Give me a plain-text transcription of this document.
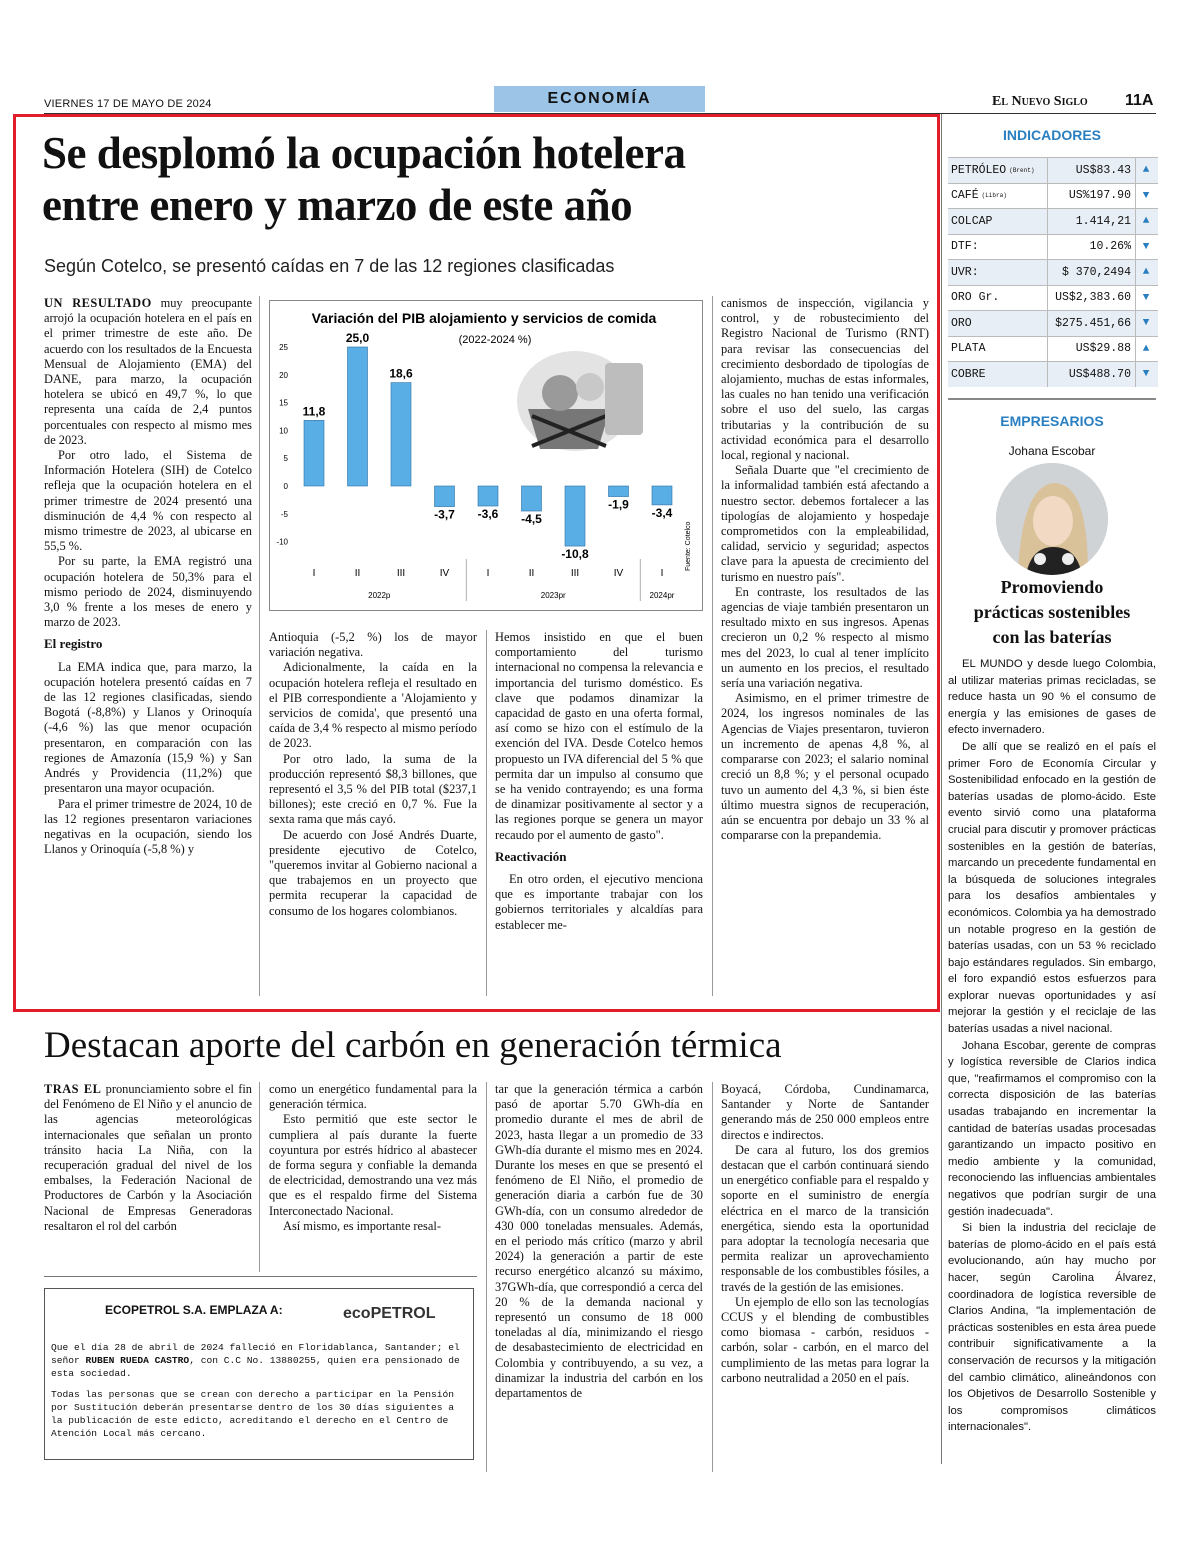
VIERNES 17 DE MAYO DE 2024	ECONOMÍA	El Nuevo Siglo 11A
Se desplomó la ocupación hotelera
entre enero y marzo de este año
Según Cotelco, se presentó caídas en 7 de las 12 regiones clasificadas

UN RESULTADO muy preocupante arrojó la ocupación hotelera en el país en el primer trimestre de este año. De acuerdo con los resultados de la Encuesta Mensual de Alojamiento (EMA) del DANE, para marzo, la ocupación hotelera se ubicó en 49,7 %, lo que representa una caída de 2,4 puntos porcentuales con respecto al mismo mes de 2023.

Por otro lado, el Sistema de Información Hotelera (SIH) de Cotelco refleja que la ocupación hotelera en el primer trimestre de 2024 presentó una disminución de 4,4 % con respecto al mismo trimestre de 2023, al ubicarse en 55,5 %.

Por su parte, la EMA registró una ocupación hotelera de 50,3% para el mismo periodo de 2024, disminuyendo 3,0 % frente a los meses de enero y marzo de 2023.

El registro

La EMA indica que, para marzo, la ocupación hotelera presentó caídas en 7 de las 12 regiones clasificadas, siendo Bogotá (-8,8%) y Llanos y Orinoquía (-4,6 %) las que menor ocupación presentaron, en comparación con las regiones de Amazonía (15,9 %) y San Andrés y Providencia (11,2%) que presentaron una mayor ocupación.

Para el primer trimestre de 2024, 10 de las 12 regiones presentaron variaciones negativas en la ocupación, siendo los Llanos y Orinoquía (-5,8 %) y

Variación del PIB alojamiento y servicios de comida
(2022-2024 %)
Fuente: Cotelco
25
20
15
10
5
0
-5
-10
11,8
25,0
18,6
-3,7 -3,6 -4,5
-10,8
-1,9
-3,4
I	II	III	IV	I	II	III	IV	I
2022p	2023pr	2024pr

Antioquia (-5,2 %) los de mayor variación negativa.

Adicionalmente, la caída en la ocupación hotelera refleja el resultado en el PIB correspondiente a 'Alojamiento y servicios de comida', que presentó una caída de 3,4 % respecto al mismo período de 2023.

Por otro lado, la suma de la producción representó $8,3 billones, que representó el 3,5 % del PIB total ($237,1 billones); este creció en 0,7 %. Fue la sexta rama que más cayó.

De acuerdo con José Andrés Duarte, presidente ejecutivo de Cotelco, "queremos invitar al Gobierno nacional a que trabajemos en un proyecto que permita recuperar la capacidad de consumo de los hogares colombianos.

Hemos insistido en que el buen comportamiento del turismo internacional no compensa la relevancia e importancia del turismo doméstico. Es clave que podamos dinamizar la capacidad de gasto en una oferta formal, así como se hizo con el estímulo de la exención del IVA. Desde Cotelco hemos propuesto un IVA diferencial del 5 % que permita dar un impulso al consumo que se ha venido contrayendo; es una forma de dinamizar positivamente al sector y a las regiones porque se genera un mayor recaudo por el aumento de gasto".

Reactivación

En otro orden, el ejecutivo menciona que es importante trabajar con los gobiernos territoriales y alcaldías para establecer me-

canismos de inspección, vigilancia y control, y de robustecimiento del Registro Nacional de Turismo (RNT) para revisar las consecuencias del crecimiento desbordado de tipologías de alojamiento, muchas de estas informales, las cuales no han tenido una verificación sobre el uso del suelo, las cargas tributarias y la contribución de su actividad económica para el desarrollo local, regional y nacional.

Señala Duarte que "el crecimiento de la informalidad también está afectando a nuestro sector. debemos fortalecer a las tipologías de alojamiento y hospedaje comprometidos con la empleabilidad, calidad, servicio y seguridad; aspectos clave para la apuesta de crecimiento del turismo en nuestro país".

En contraste, los resultados de las agencias de viaje también presentaron un resultado mixto en sus ingresos. Apenas crecieron un 0,2 % respecto al mismo mes del 2023, lo cual al tener implícito un aumento en los precios, el resultado sería una variación negativa.

Asimismo, en el primer trimestre de 2024, los ingresos nominales de las Agencias de Viajes presentaron, tuvieron un incremento de apenas 4,8 %, al compararse con 2023; el salario nominal creció un 8,8 %; y el personal ocupado tuvo un aumento del 4,3 %, si bien éste último muestra signos de recuperación, aún se encuentra por debajo un 33 % al compararse con la prepandemia.

Destacan aporte del carbón en generación térmica

TRAS EL pronunciamiento sobre el fin del Fenómeno de El Niño y el anuncio de las agencias meteorológicas internacionales que señalan un pronto tránsito hacia La Niña, con la recuperación gradual del nivel de los embalses, la Federación Nacional de Productores de Carbón y la Asociación Nacional de Empresas Generadoras resaltaron el rol del carbón

como un energético fundamental para la generación térmica.

Esto permitió que este sector le cumpliera al país durante la fuerte coyuntura por estrés hídrico al abastecer de forma segura y confiable la demanda de electricidad, demostrando una vez más que es el respaldo firme del Sistema Interconectado Nacional.

Así mismo, es importante resal-

ECOPETROL S.A. EMPLAZA A:	ecoPETROL

Que el día 28 de abril de 2024 falleció en Floridablanca, Santander; el señor RUBEN RUEDA CASTRO, con C.C No. 13880255, quien era pensionado de esta sociedad.

Todas las personas que se crean con derecho a participar en la Pensión por Sustitución deberán presentarse dentro de los 30 días siguientes a la publicación de este edicto, acreditando el derecho en el Centro de Atención Local más cercano.

tar que la generación térmica a carbón pasó de aportar 5.70 GWh-día en promedio durante el mes de abril de 2023, hasta llegar a un promedio de 33 GWh-día durante el mismo mes en 2024. Durante los meses en que se presentó el fenómeno de El Niño, el promedio de generación diaria a carbón fue de 30 GWh-día, con un consumo alrededor de 430 000 toneladas mensuales. Además, en el periodo más crítico (marzo y abril 2024) la generación a partir de este recurso energético alcanzó su máximo, 37GWh-día, que correspondió a cerca del 20 % de la demanda nacional y representó un consumo de 18 000 toneladas al día, minimizando el riesgo de desabastecimiento de electricidad en Colombia y contribuyendo, a su vez, a dinamizar la industria del carbón en los departamentos de

Boyacá, Córdoba, Cundinamarca, Santander y Norte de Santander generando más de 250 000 empleos entre directos e indirectos.

De cara al futuro, los dos gremios destacan que el carbón continuará siendo un energético confiable para el respaldo y soporte en el suministro de energía eléctrica en el marco de la transición energética, siendo esta la oportunidad para adoptar la tecnología necesaria que permita realizar un aprovechamiento responsable de los combustibles fósiles, a través de la gestión de las emisiones.

Un ejemplo de ello son las tecnologías CCUS y el blending de combustibles como biomasa - carbón, residuos - carbón, solar - carbón, en el marco del cumplimiento de las metas para lograr la carbono neutralidad a 2050 en el país.

INDICADORES
PETRÓLEO (Brent)	US$83.43	▲
CAFÉ (Libra)	US%197.90	▼
COLCAP	1.414,21	▲
DTF:	10.26%	▼
UVR:	$ 370,2494	▲
ORO Gr.	US$2,383.60	▼
ORO	$275.451,66	▼
PLATA	US$29.88	▲
COBRE	US$488.70	▼
EMPRESARIOS
Johana Escobar
Promoviendo
prácticas sostenibles
con las baterías

EL MUNDO y desde luego Colombia, al utilizar materias primas recicladas, se reduce hasta un 90 % el consumo de energía y las emisiones de gases de efecto invernadero.

De allí que se realizó en el país el primer Foro de Economía Circular y Sostenibilidad enfocado en la gestión de baterías usadas de plomo-ácido. Este evento sirvió como una plataforma crucial para discutir y promover prácticas sostenibles en la gestión de baterías, marcando un precedente fundamental en la búsqueda de soluciones integrales para los desafíos ambientales y económicos. Colombia ya ha demostrado un notable progreso en la gestión de baterías usadas, con un 53 % reciclado bajo estándares regulados. Sin embargo, el foro expandió estos esfuerzos para explorar nuevas oportunidades y así mejorar la gestión y el reciclaje de las baterías usadas a nivel nacional.

Johana Escobar, gerente de compras y logística reversible de Clarios indica que, "reafirmamos el compromiso con la correcta disposición de las baterías usadas trabajando en incrementar la cantidad de baterías usadas procesadas garantizando un impacto positivo en medio ambiente y la comunidad, reconociendo las influencias ambientales negativos que podrían surgir de una gestión inadecuada".

Si bien la industria del reciclaje de baterías de plomo-ácido en el país está evolucionando, aún hay mucho por hacer, según Carolina Álvarez, coordinadora de logística reversible de Clarios Andina, "la implementación de prácticas sostenibles en esta área puede contribuir significativamente a la conservación de recursos y la mitigación del cambio climático, alineándonos con los Objetivos de Desarrollo Sostenible y los compromisos climáticos internacionales".
